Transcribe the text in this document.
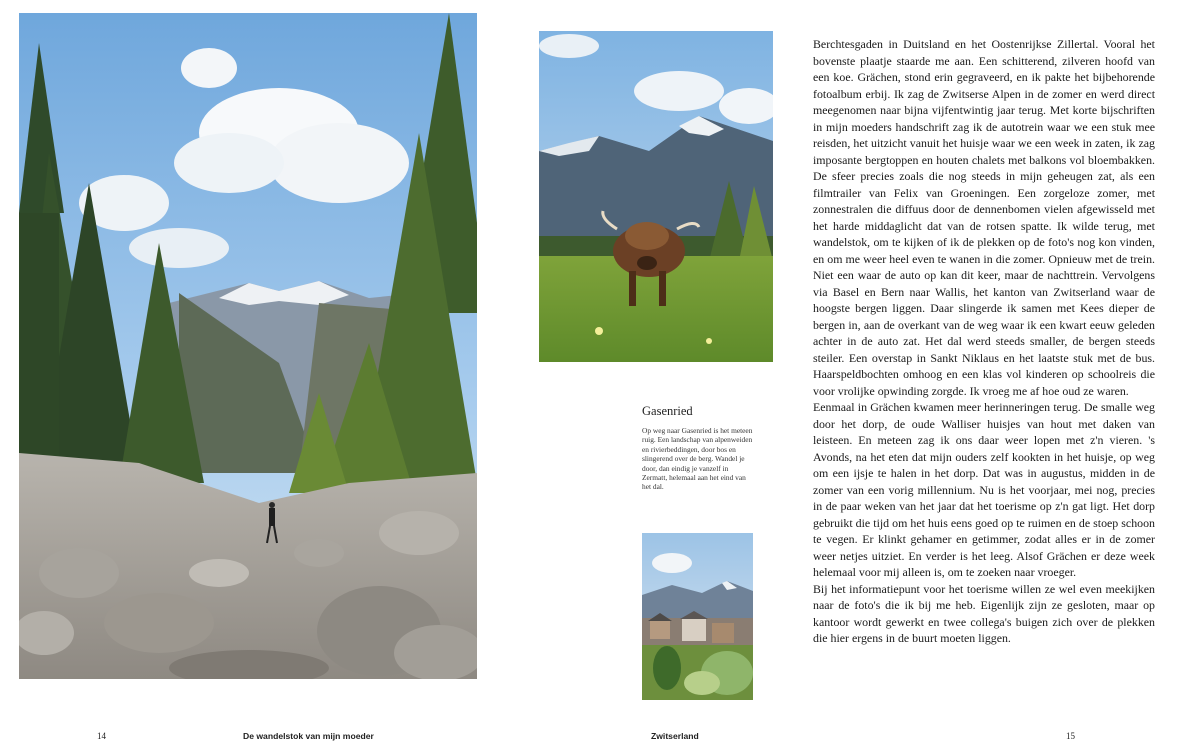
Gasenried
Op weg naar Gasenried is het meteen ruig. Een landschap van alpenweiden en rivierbeddingen, door bos en slingerend over de berg. Wandel je door, dan eindig je vanzelf in Zermatt, helemaal aan het eind van het dal.

Berchtesgaden in Duitsland en het Oostenrijkse Zillertal. Vooral het bovenste plaatje staarde me aan. Een schitterend, zilveren hoofd van een koe. Grächen, stond erin gegraveerd, en ik pakte het bijbehorende fotoalbum erbij. Ik zag de Zwitserse Alpen in de zomer en werd direct meegenomen naar bijna vijfentwintig jaar terug. Met korte bijschriften in mijn moeders handschrift zag ik de autotrein waar we een stuk mee reisden, het uitzicht vanuit het huisje waar we een week in zaten, ik zag imposante bergtoppen en houten chalets met balkons vol bloembakken. De sfeer precies zoals die nog steeds in mijn geheugen zat, als een filmtrailer van Felix van Groeningen. Een zorgeloze zomer, met zonnestralen die diffuus door de dennenbomen vielen afgewisseld met het harde middaglicht dat van de rotsen spatte. Ik wilde terug, met wandelstok, om te kijken of ik de plekken op de foto's nog kon vinden, en om me weer heel even te wanen in die zomer. Opnieuw met de trein. Niet een waar de auto op kan dit keer, maar de nachttrein. Vervolgens via Basel en Bern naar Wallis, het kanton van Zwitserland waar de hoogste bergen liggen. Daar slingerde ik samen met Kees dieper de bergen in, aan de overkant van de weg waar ik een kwart eeuw geleden achter in de auto zat. Het dal werd steeds smaller, de bergen steeds steiler. Een overstap in Sankt Niklaus en het laatste stuk met de bus. Haarspeldbochten omhoog en een klas vol kinderen op schoolreis die voor vrolijke opwinding zorgde. Ik vroeg me af hoe oud ze waren.

Eenmaal in Grächen kwamen meer herinneringen terug. De smalle weg door het dorp, de oude Walliser huisjes van hout met daken van leisteen. En meteen zag ik ons daar weer lopen met z'n vieren. 's Avonds, na het eten dat mijn ouders zelf kookten in het huisje, op weg om een ijsje te halen in het dorp. Dat was in augustus, midden in de zomer van een vorig millennium. Nu is het voorjaar, mei nog, precies in de paar weken van het jaar dat het toerisme op z'n gat ligt. Het dorp gebruikt die tijd om het huis eens goed op te ruimen en de stoep schoon te vegen. Er klinkt gehamer en getimmer, zodat alles er in de zomer weer netjes uitziet. En verder is het leeg. Alsof Grächen er deze week helemaal voor mij alleen is, om te zoeken naar vroeger.

Bij het informatiepunt voor het toerisme willen ze wel even meekijken naar de foto's die ik bij me heb. Eigenlijk zijn ze gesloten, maar op kantoor wordt gewerkt en twee collega's buigen zich over de plekken die hier ergens in de buurt moeten liggen.

14	De wandelstok van mijn moeder	Zwitserland	15
